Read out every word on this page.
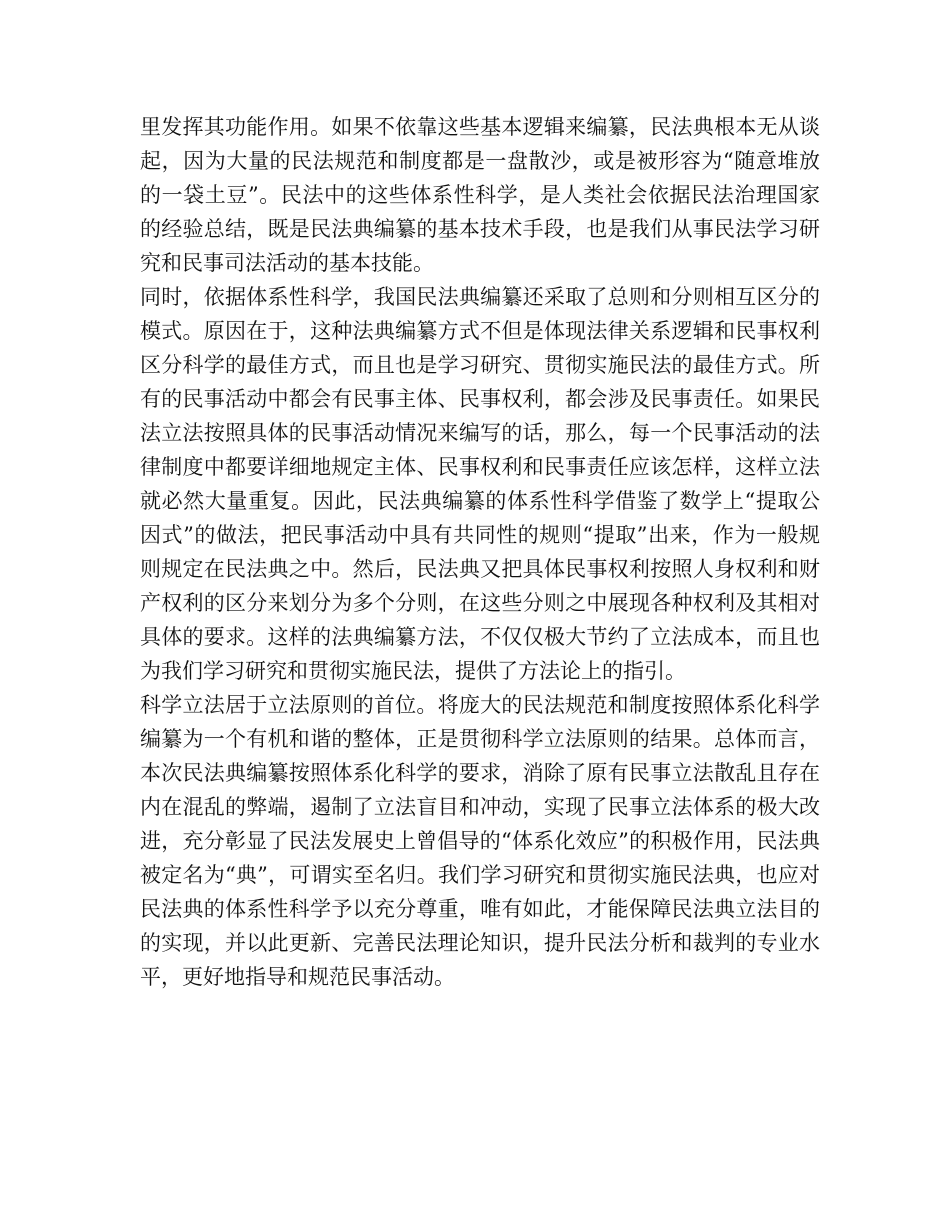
里发挥其功能作用。如果不依靠这些基本逻辑来编纂，民法典根本无从谈起，因为大量的民法规范和制度都是一盘散沙，或是被形容为“随意堆放的一袋土豆”。民法中的这些体系性科学，是人类社会依据民法治理国家的经验总结，既是民法典编纂的基本技术手段，也是我们从事民法学习研究和民事司法活动的基本技能。

同时，依据体系性科学，我国民法典编纂还采取了总则和分则相互区分的模式。原因在于，这种法典编纂方式不但是体现法律关系逻辑和民事权利区分科学的最佳方式，而且也是学习研究、贯彻实施民法的最佳方式。所有的民事活动中都会有民事主体、民事权利，都会涉及民事责任。如果民法立法按照具体的民事活动情况来编写的话，那么，每一个民事活动的法律制度中都要详细地规定主体、民事权利和民事责任应该怎样，这样立法就必然大量重复。因此，民法典编纂的体系性科学借鉴了数学上“提取公因式”的做法，把民事活动中具有共同性的规则“提取”出来，作为一般规则规定在民法典之中。然后，民法典又把具体民事权利按照人身权利和财产权利的区分来划分为多个分则，在这些分则之中展现各种权利及其相对具体的要求。这样的法典编纂方法，不仅仅极大节约了立法成本，而且也为我们学习研究和贯彻实施民法，提供了方法论上的指引。

科学立法居于立法原则的首位。将庞大的民法规范和制度按照体系化科学编纂为一个有机和谐的整体，正是贯彻科学立法原则的结果。总体而言，本次民法典编纂按照体系化科学的要求，消除了原有民事立法散乱且存在内在混乱的弊端，遏制了立法盲目和冲动，实现了民事立法体系的极大改进，充分彰显了民法发展史上曾倡导的“体系化效应”的积极作用，民法典被定名为“典”，可谓实至名归。我们学习研究和贯彻实施民法典，也应对民法典的体系性科学予以充分尊重，唯有如此，才能保障民法典立法目的的实现，并以此更新、完善民法理论知识，提升民法分析和裁判的专业水平，更好地指导和规范民事活动。
